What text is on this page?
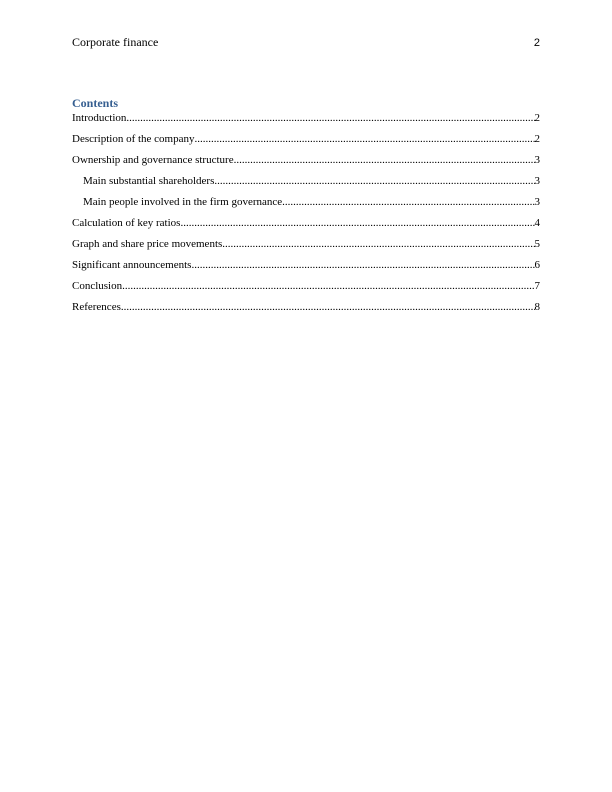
Corporate finance	2
Contents
Introduction .....	2
Description of the company .....	2
Ownership and governance structure .....	3
Main substantial shareholders .....	3
Main people involved in the firm governance .....	3
Calculation of key ratios .....	4
Graph and share price movements .....	5
Significant announcements .....	6
Conclusion .....	7
References .....	8
